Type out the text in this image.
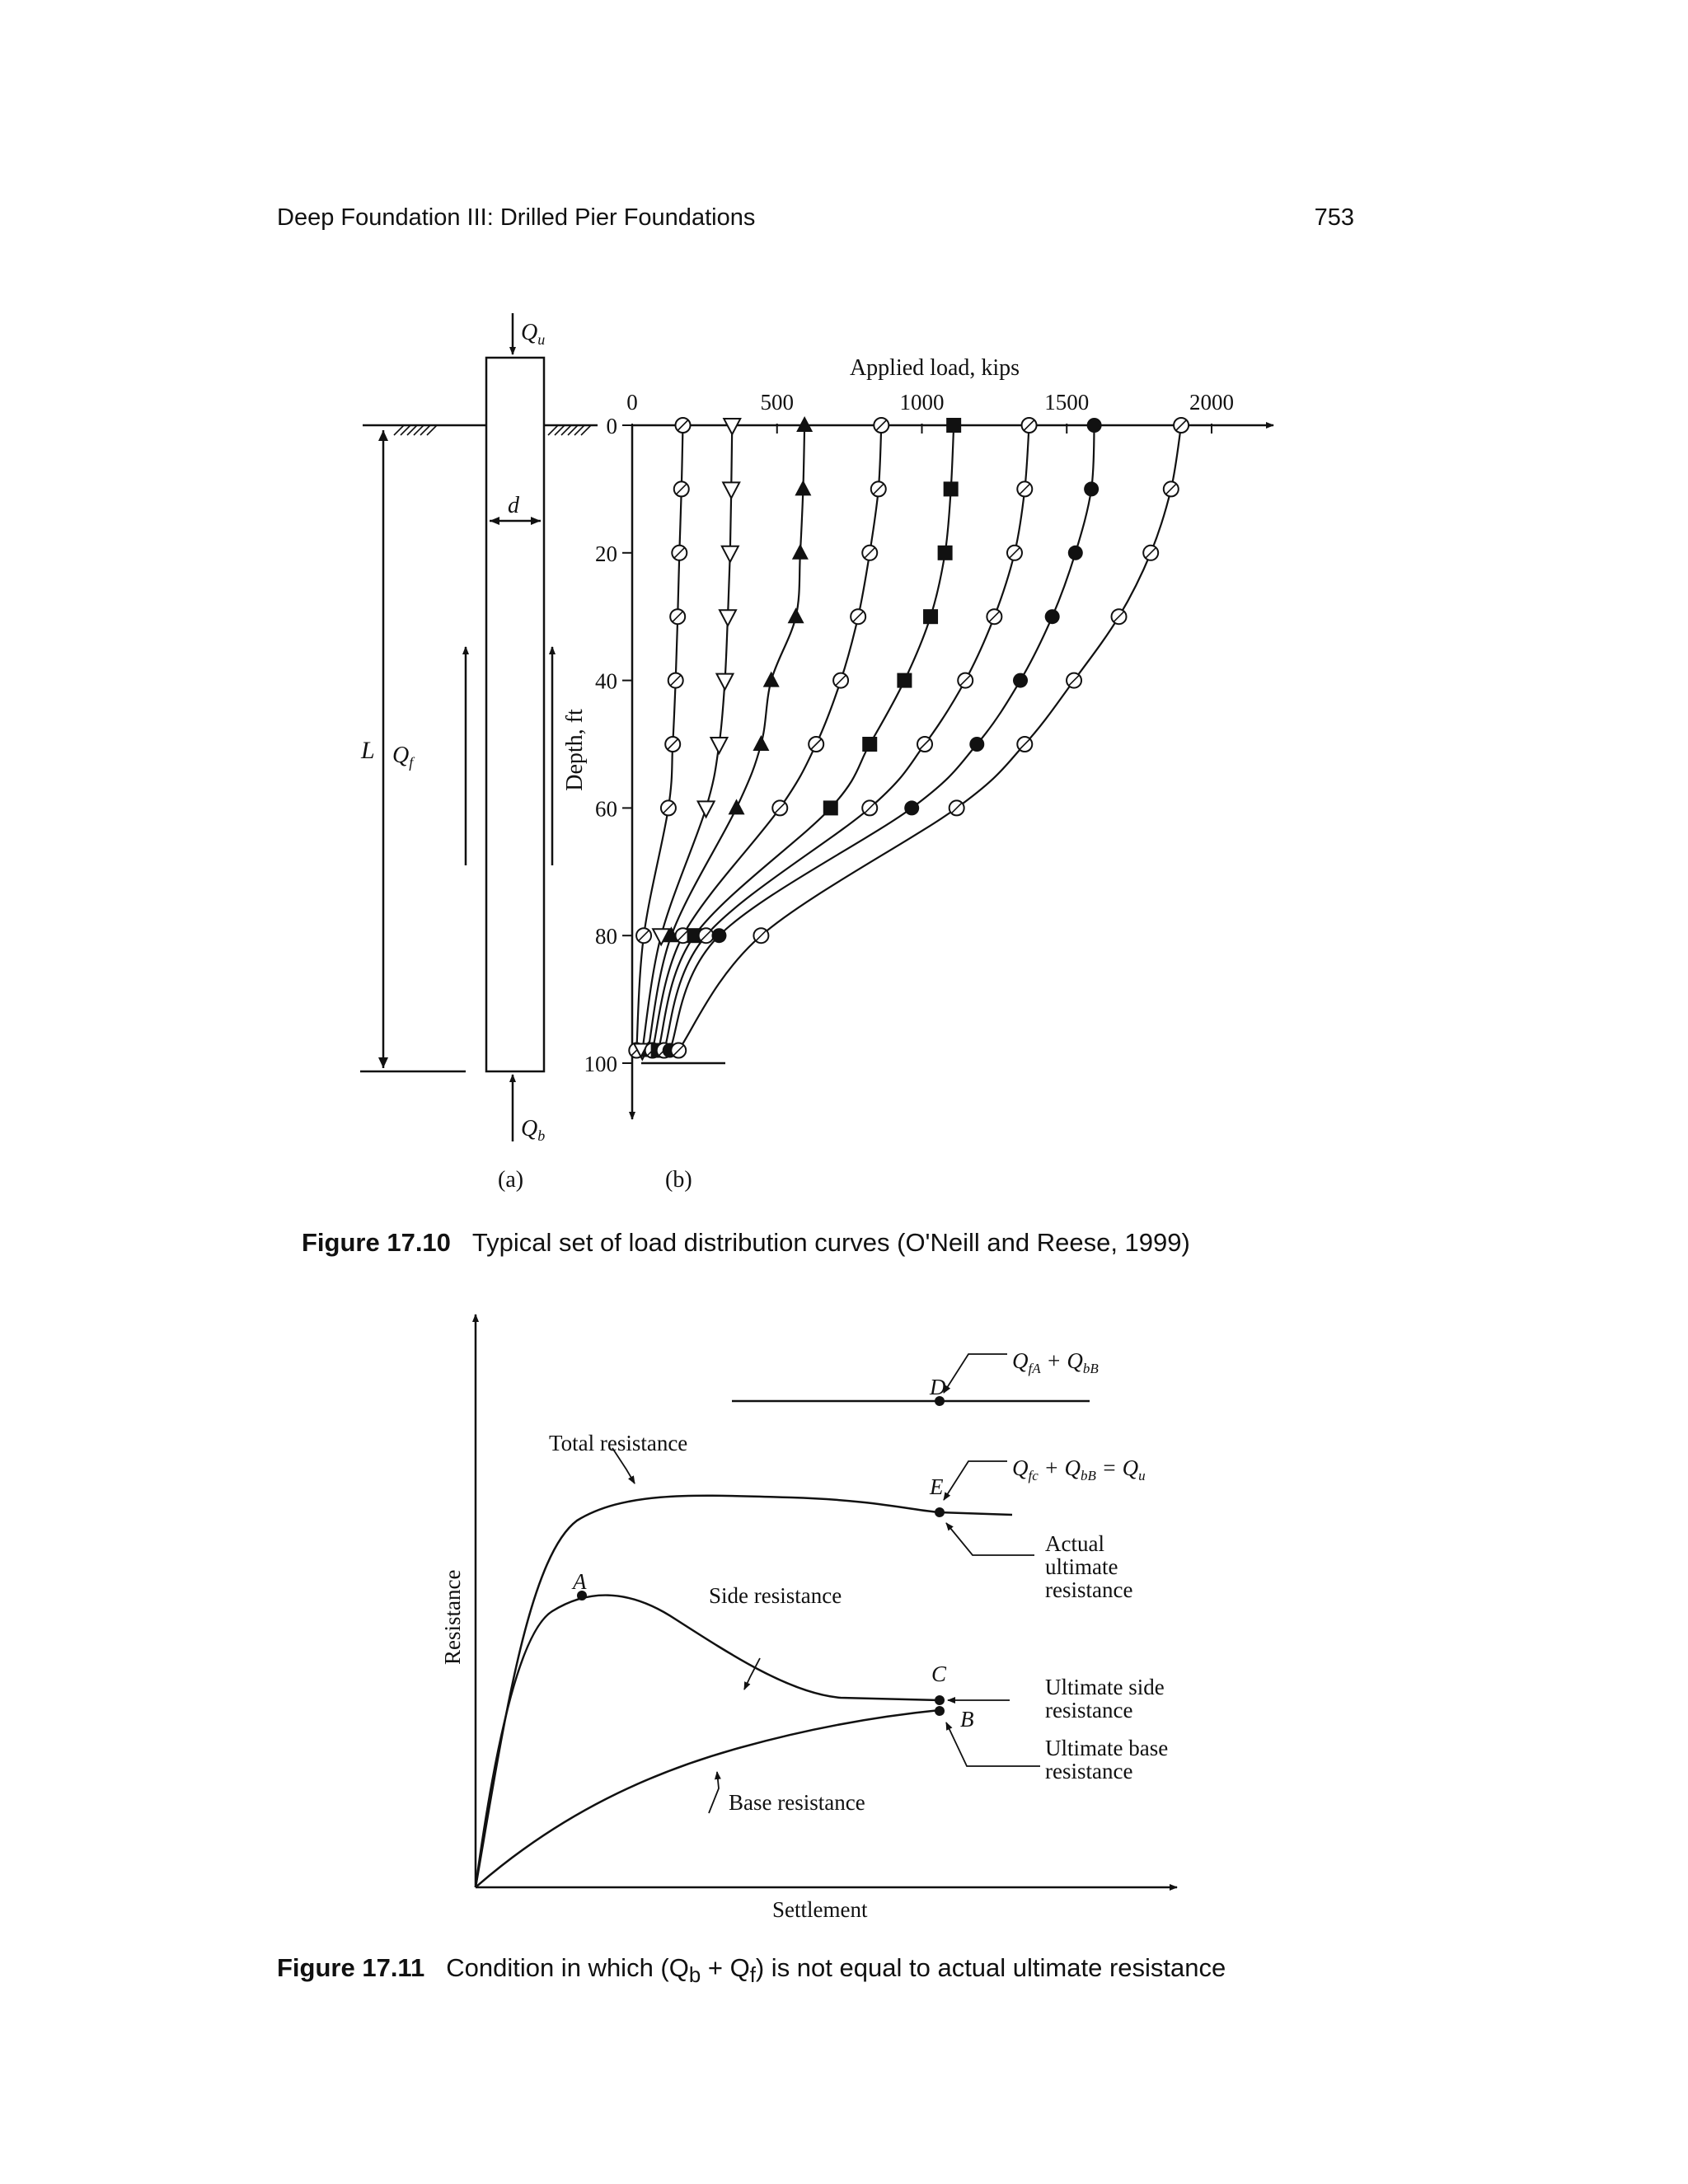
Deep Foundation III: Drilled Pier Foundations	753
$Q_u$
$Q_b$
$Q_f$
L
d
(a)
0	500	1000	1500	2000
0
20
40
60
80
100
Applied load, kips
Depth, ft
(b)
Total resistance
Side resistance
Base resistance
Settlement
Resistance
Actual
ultimate
resistance
Ultimate side
resistance
Ultimate base
resistance
A
B
C
D
E
$Q_{fA} + Q_{bB}$
$Q_{fc} + Q_{bB} = Q_u$
Figure 17.10 Typical set of load distribution curves (O'Neill and Reese, 1999)
Figure 17.11 Condition in which $(Q_b + Q_f)$ is not equal to actual ultimate resistance
